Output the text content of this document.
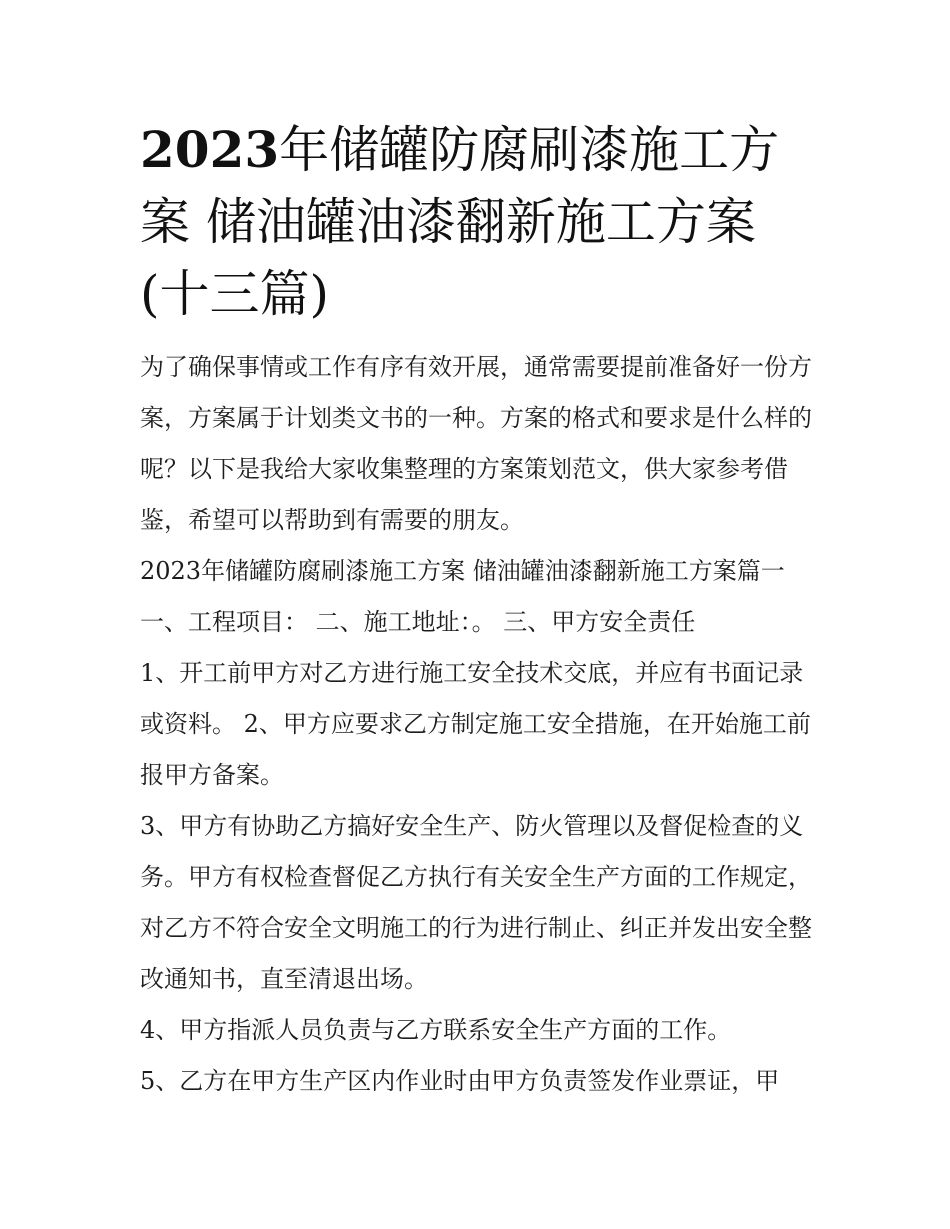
2023年储罐防腐刷漆施工方案 储油罐油漆翻新施工方案(十三篇)

为了确保事情或工作有序有效开展，通常需要提前准备好一份方案，方案属于计划类文书的一种。方案的格式和要求是什么样的呢？以下是我给大家收集整理的方案策划范文，供大家参考借鉴，希望可以帮助到有需要的朋友。

2023年储罐防腐刷漆施工方案 储油罐油漆翻新施工方案篇一

一、工程项目： 二、施工地址：。 三、甲方安全责任

1、开工前甲方对乙方进行施工安全技术交底，并应有书面记录或资料。 2、甲方应要求乙方制定施工安全措施，在开始施工前报甲方备案。

3、甲方有协助乙方搞好安全生产、防火管理以及督促检查的义务。甲方有权检查督促乙方执行有关安全生产方面的工作规定，对乙方不符合安全文明施工的行为进行制止、纠正并发出安全整改通知书，直至清退出场。

4、甲方指派人员负责与乙方联系安全生产方面的工作。

5、乙方在甲方生产区内作业时由甲方负责签发作业票证，甲
